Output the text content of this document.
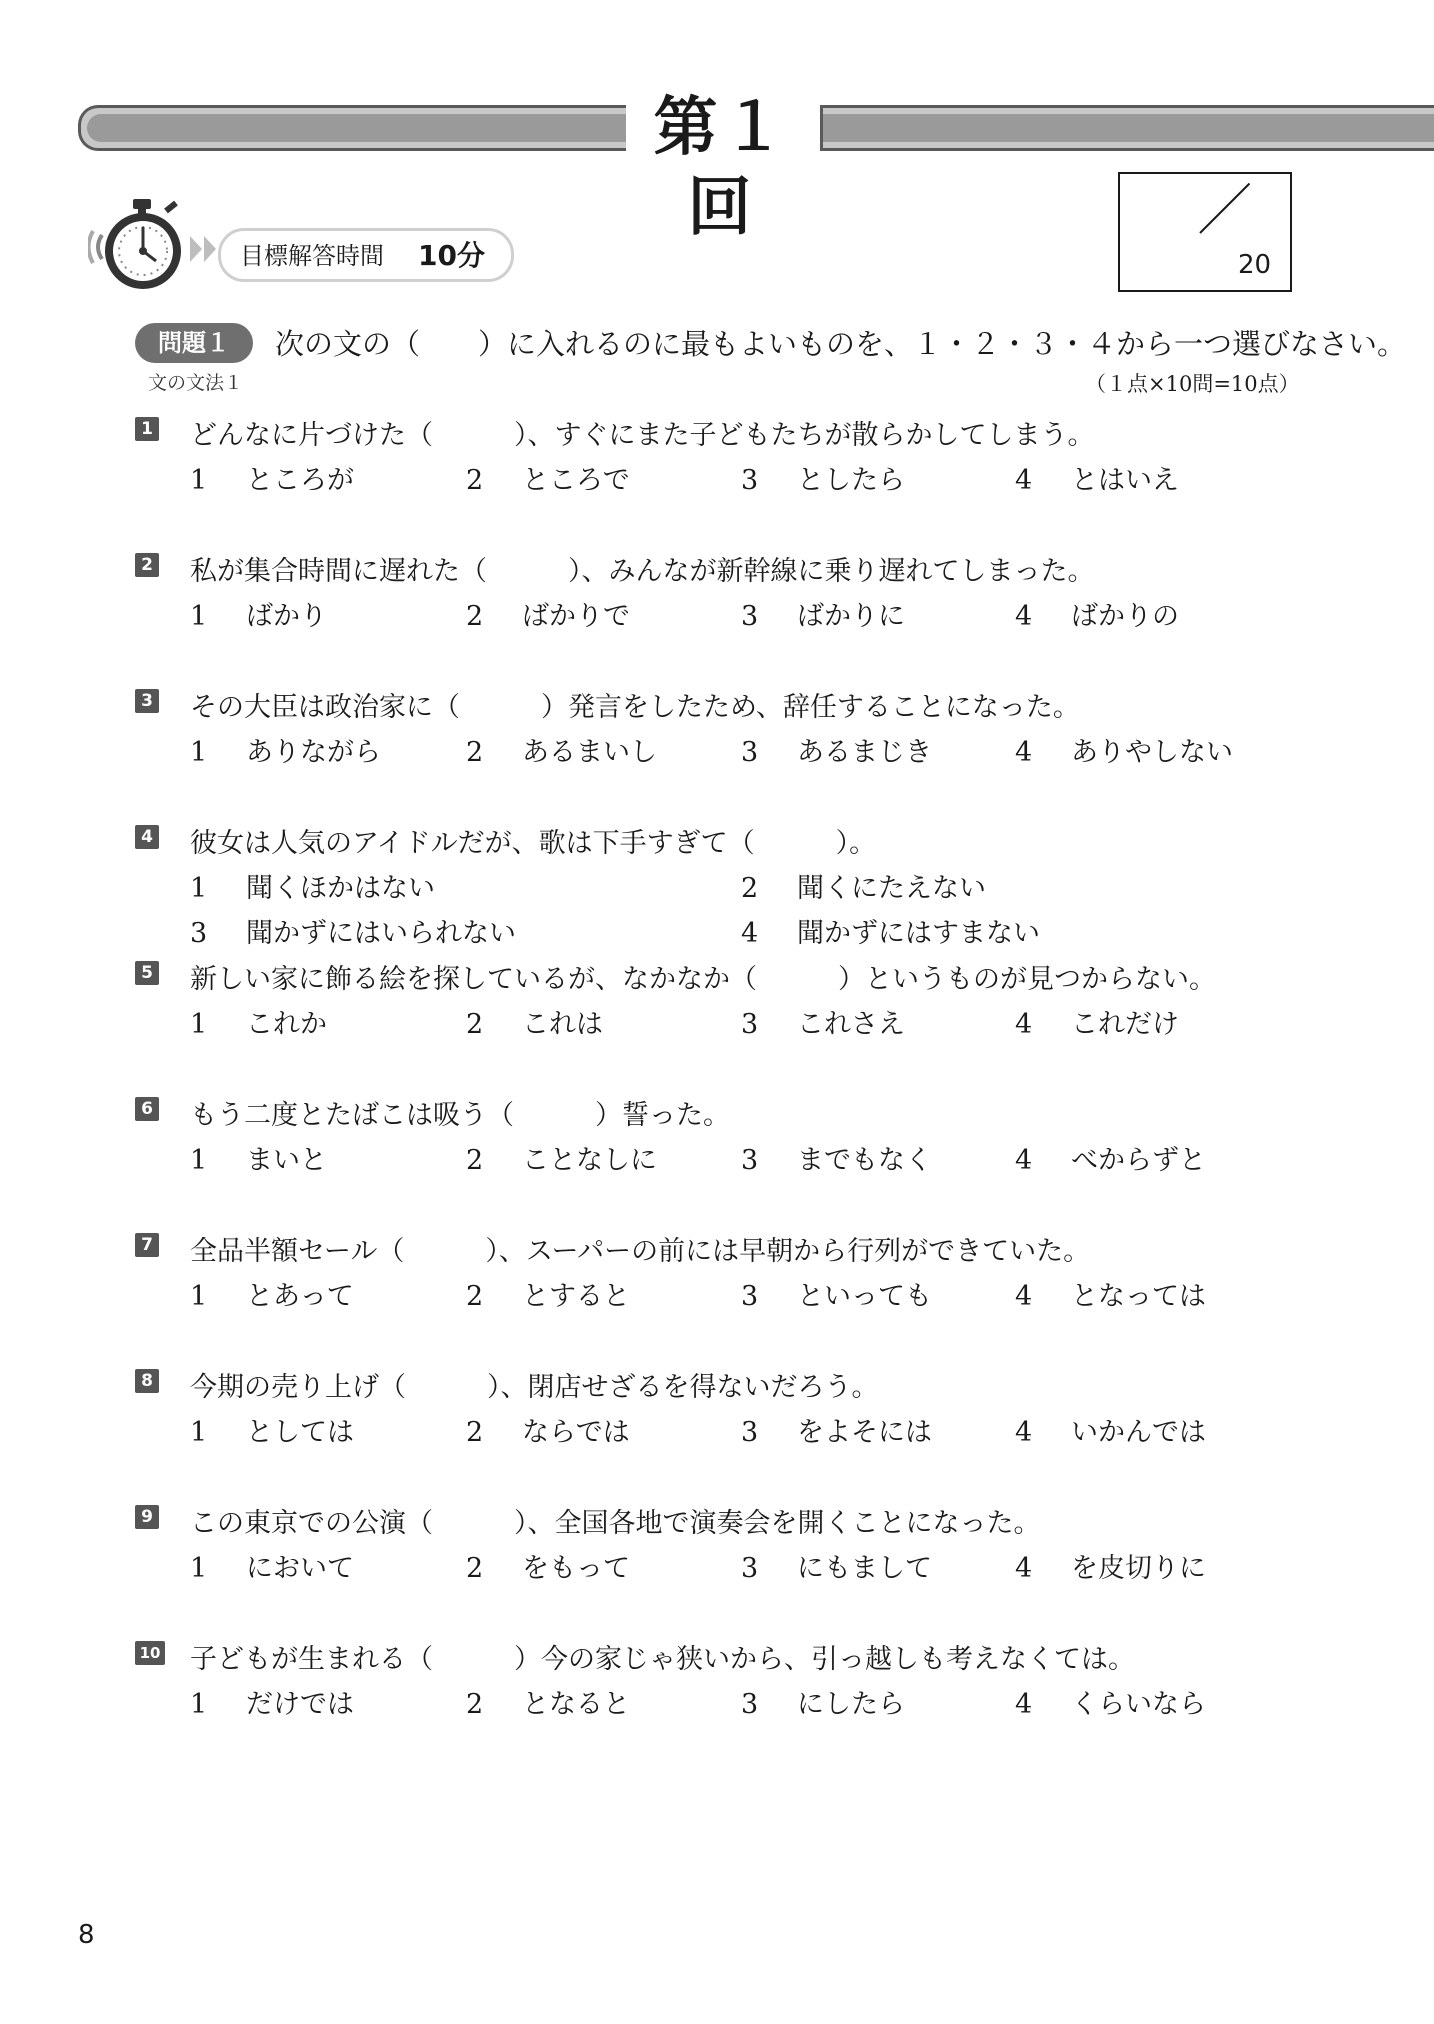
第１回
目標解答時間 10分	20
問題１	次の文の（　　）に入れるのに最もよいものを、１・２・３・４から一つ選びなさい。
文の文法１	（１点×10問=10点）
1 どんなに片づけた（　　　）、すぐにまた子どもたちが散らかしてしまう。
1 ところが	2 ところで	3 としたら	4 とはいえ
2 私が集合時間に遅れた（　　　）、みんなが新幹線に乗り遅れてしまった。
1 ばかり	2 ばかりで	3 ばかりに	4 ばかりの
3 その大臣は政治家に（　　　）発言をしたため、辞任することになった。
1 ありながら	2 あるまいし	3 あるまじき	4 ありやしない
4 彼女は人気のアイドルだが、歌は下手すぎて（　　　）。
1 聞くほかはない	2 聞くにたえない
3 聞かずにはいられない	4 聞かずにはすまない
5 新しい家に飾る絵を探しているが、なかなか（　　　）というものが見つからない。
1 これか	2 これは	3 これさえ	4 これだけ
6 もう二度とたばこは吸う（　　　）誓った。
1 まいと	2 ことなしに	3 までもなく	4 べからずと
7 全品半額セール（　　　）、スーパーの前には早朝から行列ができていた。
1 とあって	2 とすると	3 といっても	4 となっては
8 今期の売り上げ（　　　）、閉店せざるを得ないだろう。
1 としては	2 ならでは	3 をよそには	4 いかんでは
9 この東京での公演（　　　）、全国各地で演奏会を開くことになった。
1 において	2 をもって	3 にもまして	4 を皮切りに
10 子どもが生まれる（　　　）今の家じゃ狭いから、引っ越しも考えなくては。
1 だけでは	2 となると	3 にしたら	4 くらいなら
8
